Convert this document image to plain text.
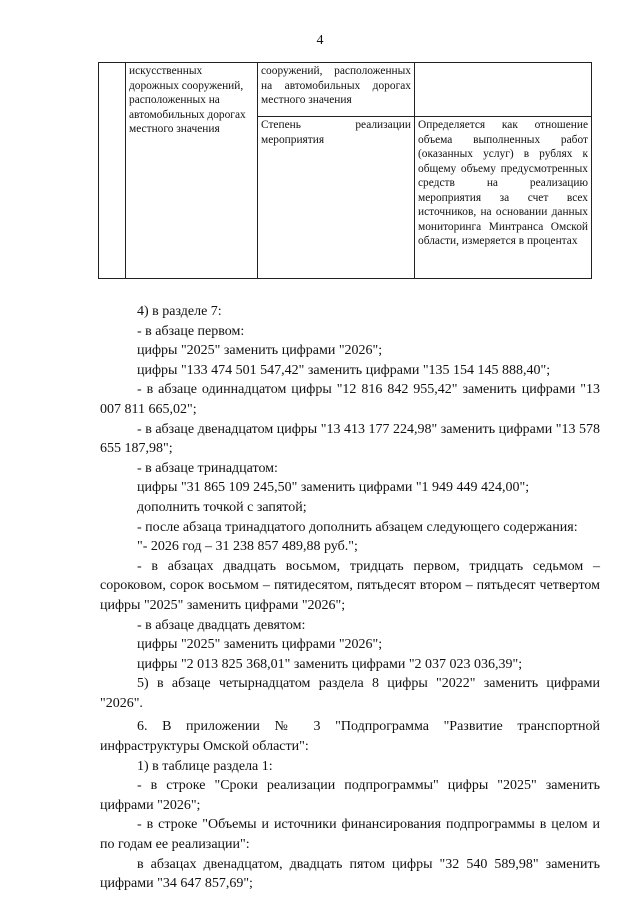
4
	искусственных дорожных сооружений, расположенных на автомобильных дорогах местного значения	сооружений, расположенных на автомобильных дорогах местного значения	
		Степень реализации мероприятия	Определяется как отношение объема выполненных работ (оказанных услуг) в рублях к общему объему предусмотренных средств на реализацию мероприятия за счет всех источников, на основании данных мониторинга Минтранса Омской области, измеряется в процентах

4) в разделе 7:

- в абзаце первом:

цифры "2025" заменить цифрами "2026";

цифры "133 474 501 547,42" заменить цифрами "135 154 145 888,40";

- в абзаце одиннадцатом цифры "12 816 842 955,42" заменить цифрами "13 007 811 665,02";

- в абзаце двенадцатом цифры "13 413 177 224,98" заменить цифрами "13 578 655 187,98";

- в абзаце тринадцатом:

цифры "31 865 109 245,50" заменить цифрами "1 949 449 424,00";

дополнить точкой с запятой;

- после абзаца тринадцатого дополнить абзацем следующего содержания:

"- 2026 год – 31 238 857 489,88 руб.";

- в абзацах двадцать восьмом, тридцать первом, тридцать седьмом – сороковом, сорок восьмом – пятидесятом, пятьдесят втором – пятьдесят четвертом цифры "2025" заменить цифрами "2026";

- в абзаце двадцать девятом:

цифры "2025" заменить цифрами "2026";

цифры "2 013 825 368,01" заменить цифрами "2 037 023 036,39";

5) в абзаце четырнадцатом раздела 8 цифры "2022" заменить цифрами "2026".

6. В приложении № 3 "Подпрограмма "Развитие транспортной инфраструктуры Омской области":

1) в таблице раздела 1:

- в строке "Сроки реализации подпрограммы" цифры "2025" заменить цифрами "2026";

- в строке "Объемы и источники финансирования подпрограммы в целом и по годам ее реализации":

в абзацах двенадцатом, двадцать пятом цифры "32 540 589,98" заменить цифрами "34 647 857,69";
